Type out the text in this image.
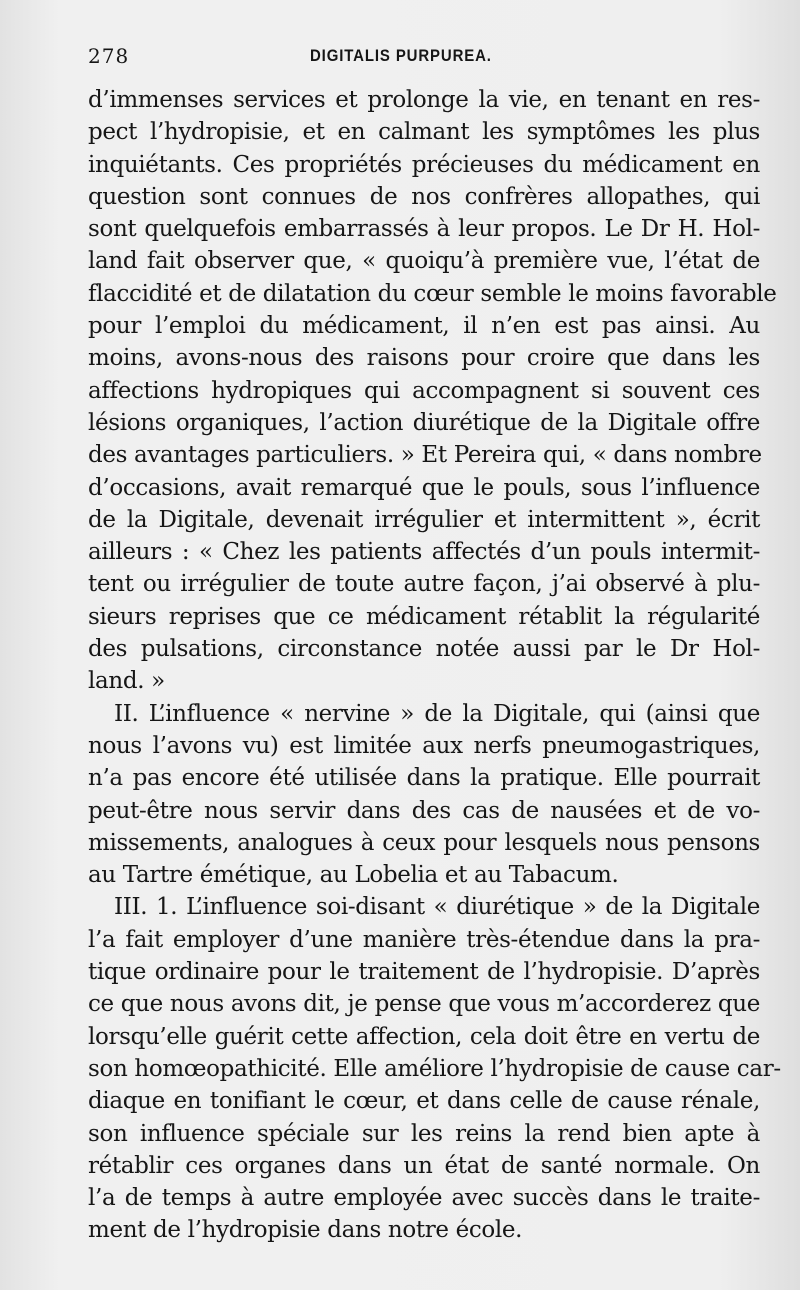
278	DIGITALIS PURPUREA.
d’immenses services et prolonge la vie, en tenant en res-
pect l’hydropisie, et en calmant les symptômes les plus
inquiétants. Ces propriétés précieuses du médicament en
question sont connues de nos confrères allopathes, qui
sont quelquefois embarrassés à leur propos. Le Dr H. Hol-
land fait observer que, « quoiqu’à première vue, l’état de
flaccidité et de dilatation du cœur semble le moins favorable
pour l’emploi du médicament, il n’en est pas ainsi. Au
moins, avons-nous des raisons pour croire que dans les
affections hydropiques qui accompagnent si souvent ces
lésions organiques, l’action diurétique de la Digitale offre
des avantages particuliers. » Et Pereira qui, « dans nombre
d’occasions, avait remarqué que le pouls, sous l’influence
de la Digitale, devenait irrégulier et intermittent », écrit
ailleurs : « Chez les patients affectés d’un pouls intermit-
tent ou irrégulier de toute autre façon, j’ai observé à plu-
sieurs reprises que ce médicament rétablit la régularité
des pulsations, circonstance notée aussi par le Dr Hol-
land. »
II. L’influence « nervine » de la Digitale, qui (ainsi que
nous l’avons vu) est limitée aux nerfs pneumogastriques,
n’a pas encore été utilisée dans la pratique. Elle pourrait
peut-être nous servir dans des cas de nausées et de vo-
missements, analogues à ceux pour lesquels nous pensons
au Tartre émétique, au Lobelia et au Tabacum.
III. 1. L’influence soi-disant « diurétique » de la Digitale
l’a fait employer d’une manière très-étendue dans la pra-
tique ordinaire pour le traitement de l’hydropisie. D’après
ce que nous avons dit, je pense que vous m’accorderez que
lorsqu’elle guérit cette affection, cela doit être en vertu de
son homœopathicité. Elle améliore l’hydropisie de cause car-
diaque en tonifiant le cœur, et dans celle de cause rénale,
son influence spéciale sur les reins la rend bien apte à
rétablir ces organes dans un état de santé normale. On
l’a de temps à autre employée avec succès dans le traite-
ment de l’hydropisie dans notre école.
